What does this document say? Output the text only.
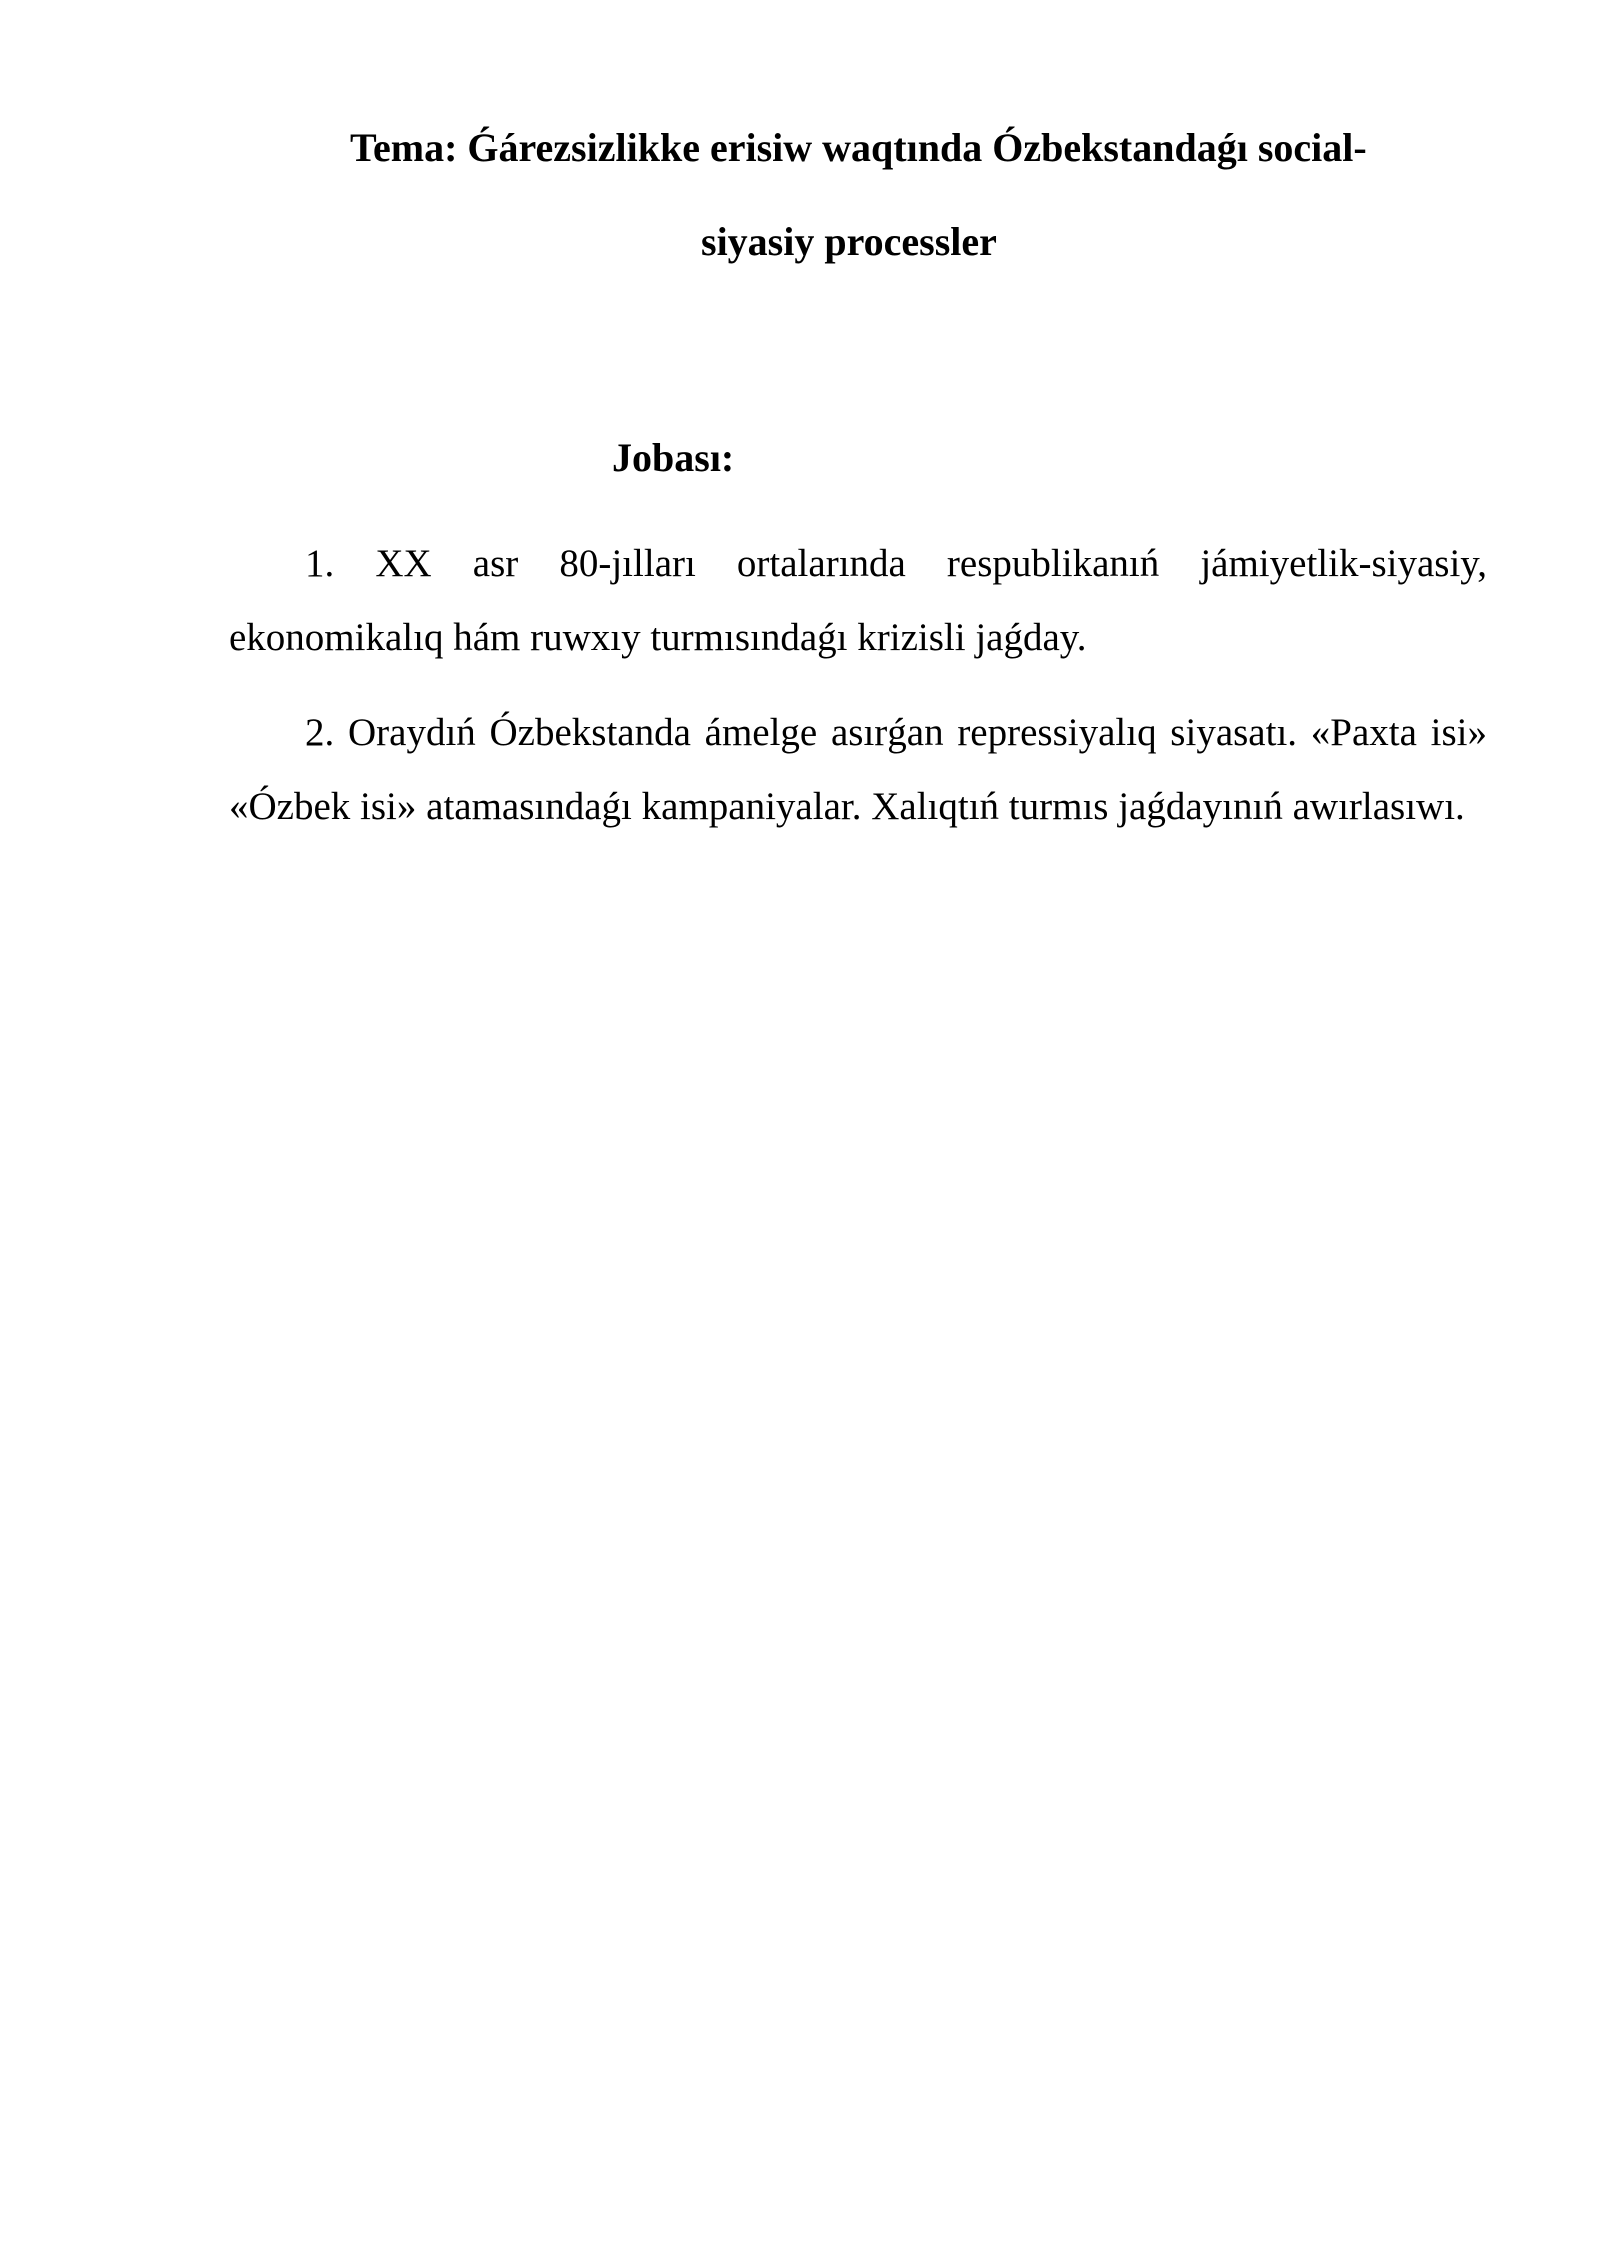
Tema: Ǵárezsizlikke erisiw waqtında Ózbekstandaǵı social-
siyasiy processler
Jobası:
1. XX asr 80-jılları ortalarında respublikanıń jámiyetlik-siyasiy, ekonomikalıq hám ruwxıy turmısındaǵı krizisli jaǵday.
2. Oraydıń Ózbekstanda ámelge asırǵan repressiyalıq siyasatı. «Paxta isi» «Ózbek isi» atamasındaǵı kampaniyalar. Xalıqtıń turmıs jaǵdayınıń awırlasıwı.
